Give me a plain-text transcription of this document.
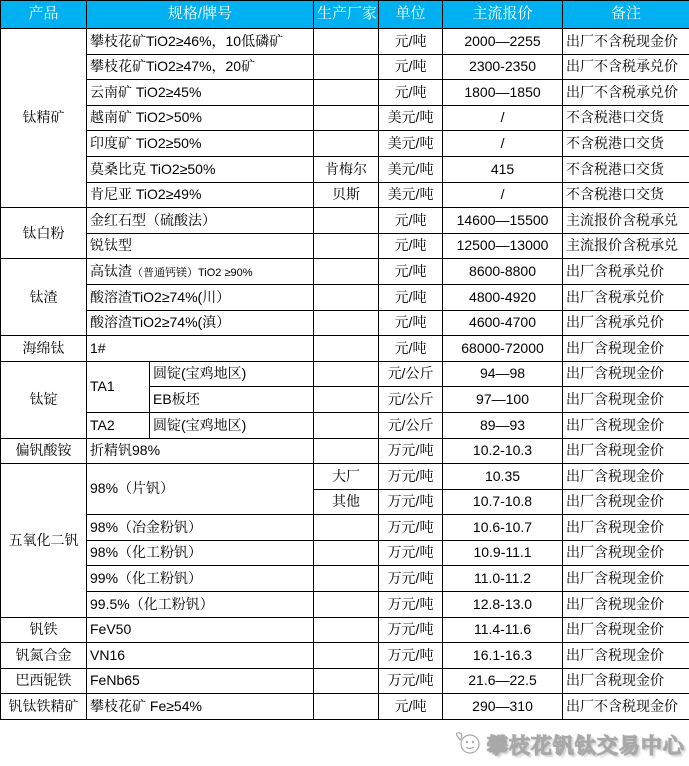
产品	规格/牌号		生产厂家	单位	主流报价	备注
钛精矿	攀枝花矿TiO2≥46%，10低磷矿			元/吨	2000—2255	出厂不含税现金价
	攀枝花矿TiO2≥47%，20矿			元/吨	2300-2350	出厂不含税承兑价
	云南矿 TiO2≥45%			元/吨	1800—1850	出厂不含税承兑价
	越南矿 TiO2>50%			美元/吨	/	不含税港口交货
	印度矿 TiO2≥50%			美元/吨	/	不含税港口交货
	莫桑比克 TiO2≥50%		肯梅尔	美元/吨	415	不含税港口交货
	肯尼亚 TiO2≥49%		贝斯	美元/吨	/	不含税港口交货
钛白粉	金红石型（硫酸法）			元/吨	14600—15500	主流报价含税承兑
	锐钛型			元/吨	12500—13000	主流报价含税承兑
钛渣	高钛渣（普通钙镁）TiO2 ≥90%			元/吨	8600-8800	出厂含税承兑价
	酸溶渣TiO2≥74%(川）			元/吨	4800-4920	出厂含税承兑价
	酸溶渣TiO2≥74%(滇）			元/吨	4600-4700	出厂含税承兑价
海绵钛	1#			元/吨	68000-72000	出厂含税现金价
钛锭	TA1	圆锭(宝鸡地区)		元/公斤	94—98	出厂含税现金价
		EB板坯		元/公斤	97—100	出厂含税现金价
	TA2	圆锭(宝鸡地区)		元/公斤	89—93	出厂含税现金价
偏钒酸铵	折精钒98%			万元/吨	10.2-10.3	出厂含税现金价
五氧化二钒	98%（片钒）		大厂	万元/吨	10.35	出厂含税现金价
			其他	万元/吨	10.7-10.8	出厂含税现金价
	98%（冶金粉钒）			万元/吨	10.6-10.7	出厂含税现金价
	98%（化工粉钒）			万元/吨	10.9-11.1	出厂含税现金价
	99%（化工粉钒）			万元/吨	11.0-11.2	出厂含税现金价
	99.5%（化工粉钒）			万元/吨	12.8-13.0	出厂含税现金价
钒铁	FeV50			万元/吨	11.4-11.6	出厂含税现金价
钒氮合金	VN16			万元/吨	16.1-16.3	出厂含税现金价
巴西铌铁	FeNb65			万元/吨	21.6—22.5	出厂含税现金价
钒钛铁精矿	攀枝花矿 Fe≥54%			元/吨	290—310	出厂不含税现金价
攀枝花钒钛交易中心
